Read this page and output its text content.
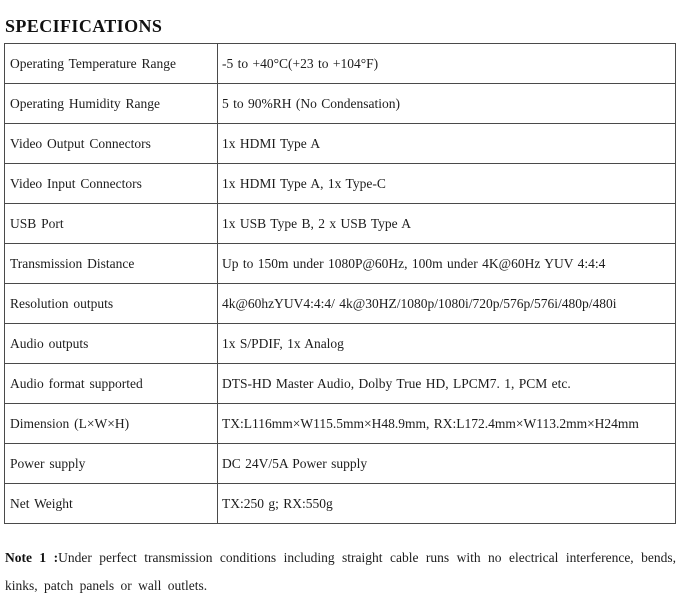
SPECIFICATIONS
Operating Temperature Range	-5 to +40°C(+23 to +104°F)
Operating Humidity Range	5 to 90%RH (No Condensation)
Video Output Connectors	1x HDMI Type A
Video Input Connectors	1x HDMI Type A, 1x Type-C
USB Port	1x USB Type B, 2 x USB Type A
Transmission Distance	Up to 150m under 1080P@60Hz, 100m under 4K@60Hz YUV 4:4:4
Resolution outputs	4k@60hzYUV4:4:4/ 4k@30HZ/1080p/1080i/720p/576p/576i/480p/480i
Audio outputs	1x S/PDIF, 1x Analog
Audio format supported	DTS-HD Master Audio, Dolby True HD, LPCM7. 1, PCM etc.
Dimension (L×W×H)	TX:L116mm×W115.5mm×H48.9mm, RX:L172.4mm×W113.2mm×H24mm
Power supply	DC 24V/5A Power supply
Net Weight	TX:250 g; RX:550g

Note 1 :Under perfect transmission conditions including straight cable runs with no electrical interference, bends, kinks, patch panels or wall outlets.
